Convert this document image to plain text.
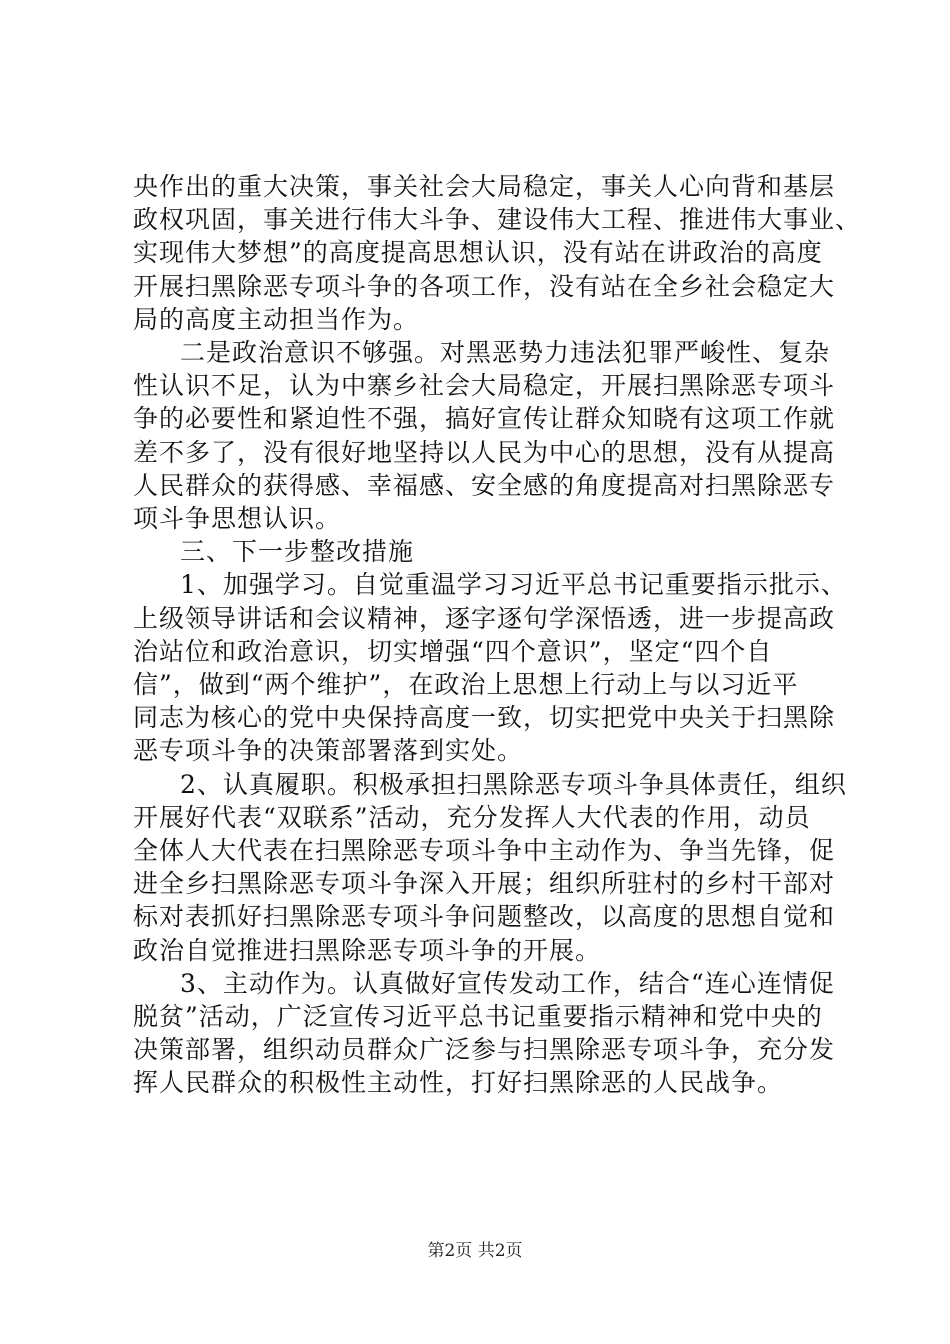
央作出的重大决策，事关社会大局稳定，事关人心向背和基层
政权巩固，事关进行伟大斗争、建设伟大工程、推进伟大事业、
实现伟大梦想”的高度提高思想认识，没有站在讲政治的高度
开展扫黑除恶专项斗争的各项工作，没有站在全乡社会稳定大
局的高度主动担当作为。
二是政治意识不够强。对黑恶势力违法犯罪严峻性、复杂
性认识不足，认为中寨乡社会大局稳定，开展扫黑除恶专项斗
争的必要性和紧迫性不强，搞好宣传让群众知晓有这项工作就
差不多了，没有很好地坚持以人民为中心的思想，没有从提高
人民群众的获得感、幸福感、安全感的角度提高对扫黑除恶专
项斗争思想认识。
三、下一步整改措施
1、加强学习。自觉重温学习习近平总书记重要指示批示、
上级领导讲话和会议精神，逐字逐句学深悟透，进一步提高政
治站位和政治意识，切实增强“四个意识”，坚定“四个自
信”，做到“两个维护”，在政治上思想上行动上与以习近平
同志为核心的党中央保持高度一致，切实把党中央关于扫黑除
恶专项斗争的决策部署落到实处。
2、认真履职。积极承担扫黑除恶专项斗争具体责任，组织
开展好代表“双联系”活动，充分发挥人大代表的作用，动员
全体人大代表在扫黑除恶专项斗争中主动作为、争当先锋，促
进全乡扫黑除恶专项斗争深入开展；组织所驻村的乡村干部对
标对表抓好扫黑除恶专项斗争问题整改，以高度的思想自觉和
政治自觉推进扫黑除恶专项斗争的开展。
3、主动作为。认真做好宣传发动工作，结合“连心连情促
脱贫”活动，广泛宣传习近平总书记重要指示精神和党中央的
决策部署，组织动员群众广泛参与扫黑除恶专项斗争，充分发
挥人民群众的积极性主动性，打好扫黑除恶的人民战争。
第2页 共2页
